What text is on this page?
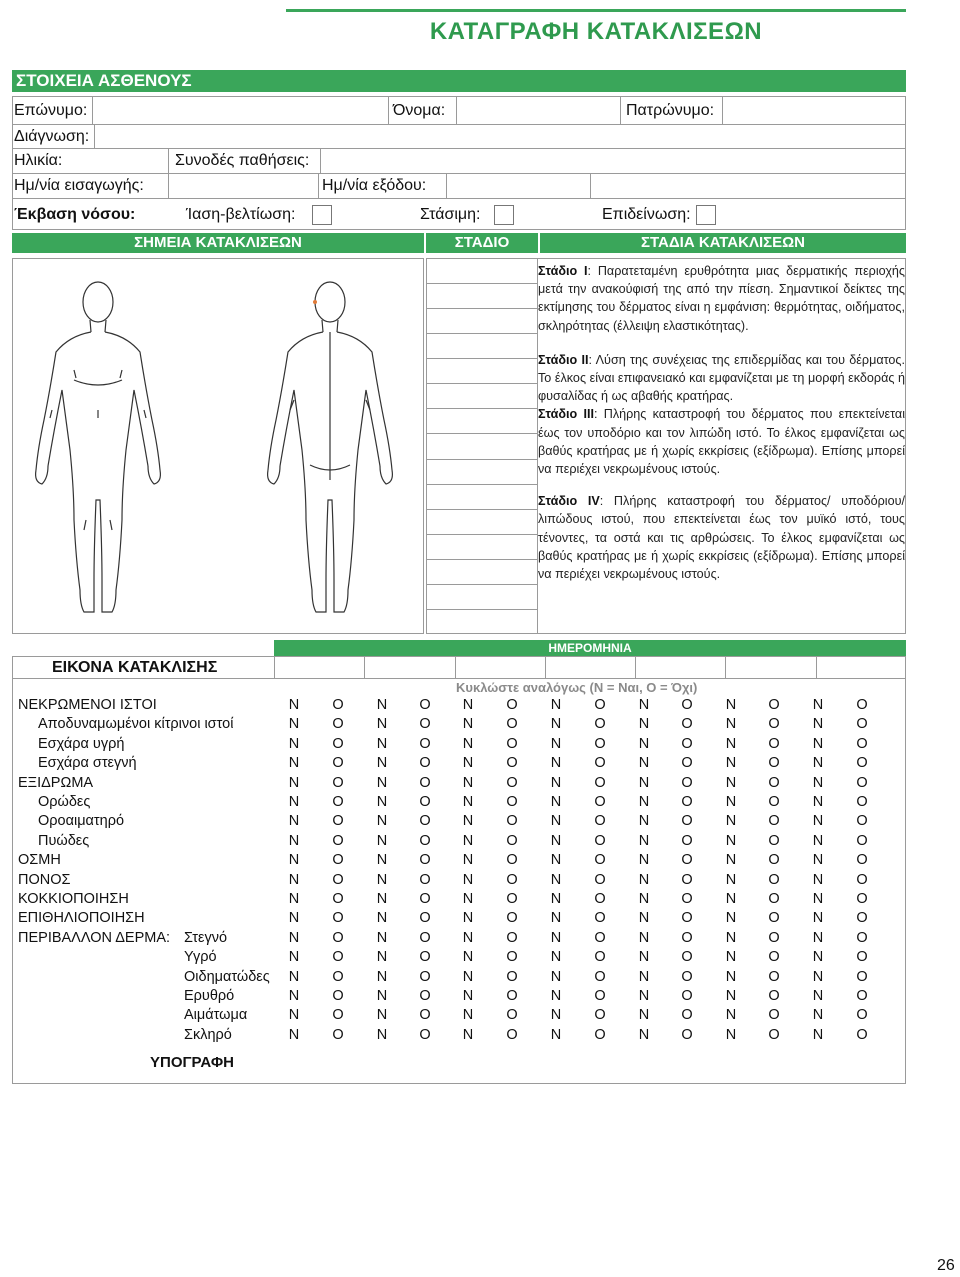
ΚΑΤΑΓΡΑΦΗ ΚΑΤΑΚΛΙΣΕΩΝ
ΣΤΟΙΧΕΙΑ ΑΣΘΕΝΟΥΣ
Επώνυμο:	Όνομα:	Πατρώνυμο:
Διάγνωση:
Ηλικία:	Συνοδές παθήσεις:
Ημ/νία εισαγωγής:	Ημ/νία εξόδου:
Έκβαση νόσου:	Ίαση-βελτίωση:	Στάσιμη:	Επιδείνωση:
ΣΗΜΕΙΑ ΚΑΤΑΚΛΙΣΕΩΝ	ΣΤΑΔΙΟ	ΣΤΑΔΙΑ ΚΑΤΑΚΛΙΣΕΩΝ

Στάδιο Ι: Παρατεταμένη ερυθρότητα μιας δερματικής περιοχής μετά την ανακούφισή της από την πίεση. Σημαντικοί δείκτες της εκτίμησης του δέρματος είναι η εμφάνιση: θερμότητας, οιδήματος, σκληρότητας (έλλειψη ελαστικότητας).

Στάδιο ΙΙ: Λύση της συνέχειας της επιδερμίδας και του δέρματος. Το έλκος είναι επιφανειακό και εμφανίζεται με τη μορφή εκδοράς ή φυσαλίδας ή ως αβαθής κρατήρας.

Στάδιο ΙΙΙ: Πλήρης καταστροφή του δέρματος που επεκτείνεται έως τον υποδόριο και τον λιπώδη ιστό. Το έλκος εμφανίζεται ως βαθύς κρατήρας με ή χωρίς εκκρίσεις (εξίδρωμα). Επίσης μπορεί να περιέχει νεκρωμένους ιστούς.

Στάδιο IV: Πλήρης καταστροφή του δέρματος/ υποδόριου/λιπώδους ιστού, που επεκτείνεται έως τον μυϊκό ιστό, τους τένοντες, τα οστά και τις αρθρώσεις. Το έλκος εμφανίζεται ως βαθύς κρατήρας με ή χωρίς εκκρίσεις (εξίδρωμα). Επίσης μπορεί να περιέχει νεκρωμένους ιστούς.

ΗΜΕΡΟΜΗΝΙΑ
ΕΙΚΟΝΑ ΚΑΤΑΚΛΙΣΗΣ
Κυκλώστε αναλόγως (Ν = Ναι, Ο = Όχι)
ΝΕΚΡΩΜΕΝΟΙ ΙΣΤΟΙ	Ν	Ο	Ν	Ο	Ν	Ο	Ν	Ο	Ν	Ο	Ν	Ο	Ν	Ο
Αποδυναμωμένοι κίτρινοι ιστοί	Ν	Ο	Ν	Ο	Ν	Ο	Ν	Ο	Ν	Ο	Ν	Ο	Ν	Ο
Εσχάρα υγρή	Ν	Ο	Ν	Ο	Ν	Ο	Ν	Ο	Ν	Ο	Ν	Ο	Ν	Ο
Εσχάρα στεγνή	Ν	Ο	Ν	Ο	Ν	Ο	Ν	Ο	Ν	Ο	Ν	Ο	Ν	Ο
ΕΞΙΔΡΩΜΑ	Ν	Ο	Ν	Ο	Ν	Ο	Ν	Ο	Ν	Ο	Ν	Ο	Ν	Ο
Ορώδες	Ν	Ο	Ν	Ο	Ν	Ο	Ν	Ο	Ν	Ο	Ν	Ο	Ν	Ο
Οροαιματηρό	Ν	Ο	Ν	Ο	Ν	Ο	Ν	Ο	Ν	Ο	Ν	Ο	Ν	Ο
Πυώδες	Ν	Ο	Ν	Ο	Ν	Ο	Ν	Ο	Ν	Ο	Ν	Ο	Ν	Ο
ΟΣΜΗ	Ν	Ο	Ν	Ο	Ν	Ο	Ν	Ο	Ν	Ο	Ν	Ο	Ν	Ο
ΠΟΝΟΣ	Ν	Ο	Ν	Ο	Ν	Ο	Ν	Ο	Ν	Ο	Ν	Ο	Ν	Ο
ΚΟΚΚΙΟΠΟΙΗΣΗ	Ν	Ο	Ν	Ο	Ν	Ο	Ν	Ο	Ν	Ο	Ν	Ο	Ν	Ο
ΕΠΙΘΗΛΙΟΠΟΙΗΣΗ	Ν	Ο	Ν	Ο	Ν	Ο	Ν	Ο	Ν	Ο	Ν	Ο	Ν	Ο
ΠΕΡΙΒΑΛΛΟΝ ΔΕΡΜΑ: Στεγνό	Ν	Ο	Ν	Ο	Ν	Ο	Ν	Ο	Ν	Ο	Ν	Ο	Ν	Ο
Υγρό	Ν	Ο	Ν	Ο	Ν	Ο	Ν	Ο	Ν	Ο	Ν	Ο	Ν	Ο
Οιδηματώδες	Ν	Ο	Ν	Ο	Ν	Ο	Ν	Ο	Ν	Ο	Ν	Ο	Ν	Ο
Ερυθρό	Ν	Ο	Ν	Ο	Ν	Ο	Ν	Ο	Ν	Ο	Ν	Ο	Ν	Ο
Αιμάτωμα	Ν	Ο	Ν	Ο	Ν	Ο	Ν	Ο	Ν	Ο	Ν	Ο	Ν	Ο
Σκληρό	Ν	Ο	Ν	Ο	Ν	Ο	Ν	Ο	Ν	Ο	Ν	Ο	Ν	Ο
ΥΠΟΓΡΑΦΗ
26
